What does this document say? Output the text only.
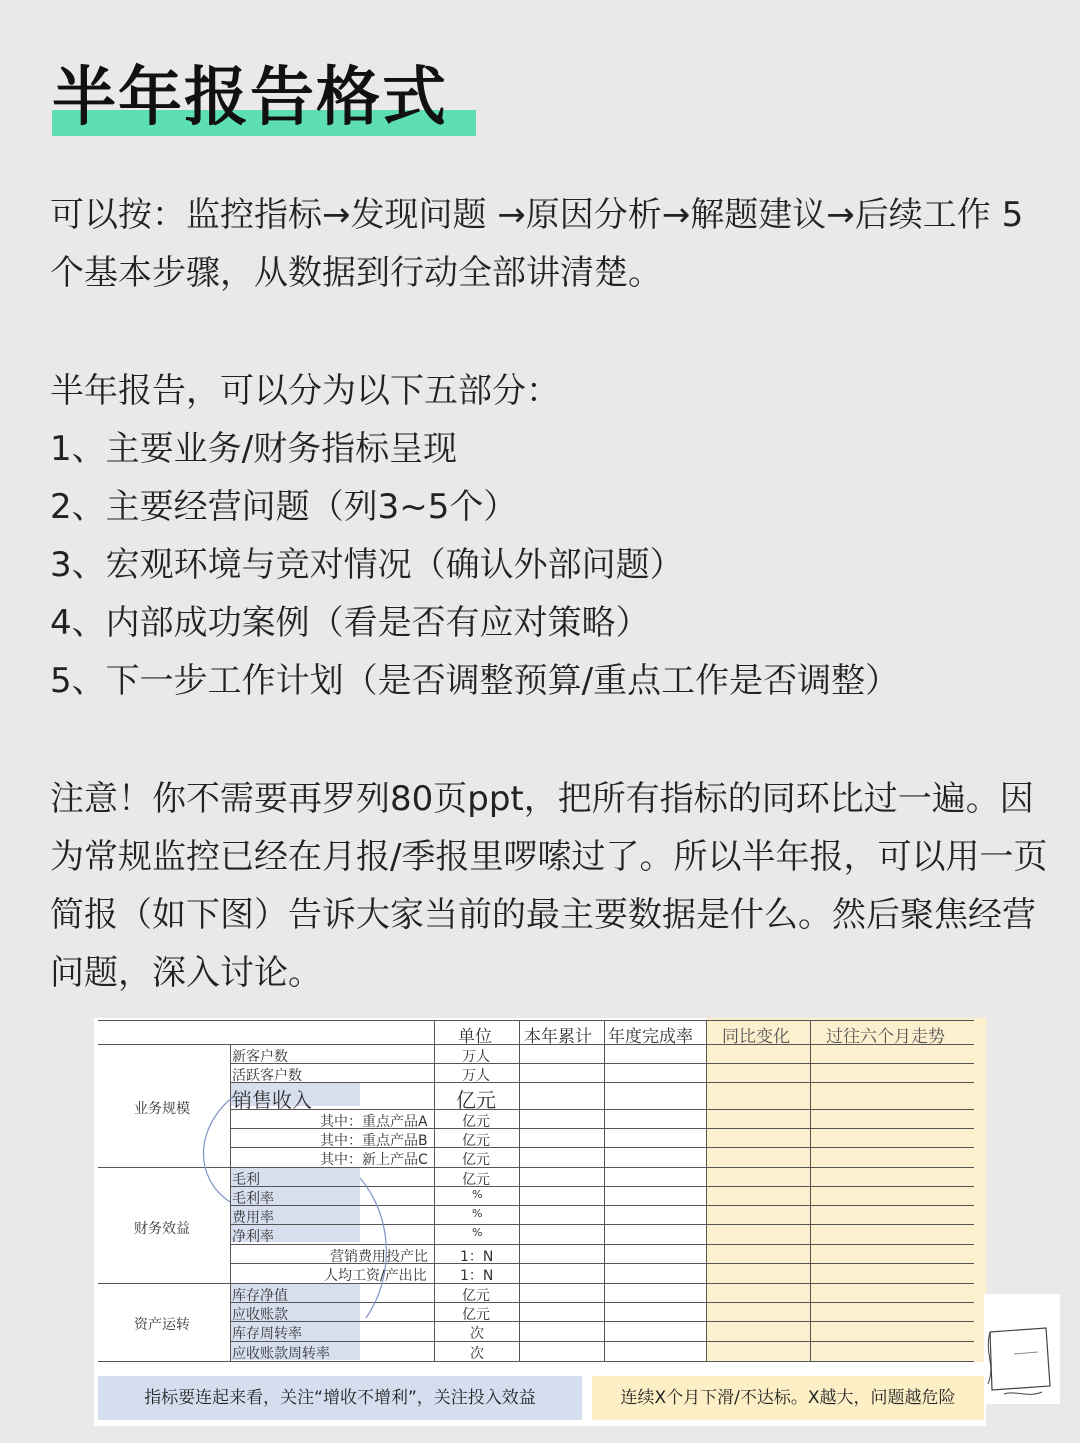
半年报告格式

可以按：监控指标→发现问题 →原因分析→解题建议→后续工作 5个基本步骤，从数据到行动全部讲清楚。

半年报告，可以分为以下五部分：
1、主要业务/财务指标呈现
2、主要经营问题（列3~5个）
3、宏观环境与竞对情况（确认外部问题）
4、内部成功案例（看是否有应对策略）
5、下一步工作计划（是否调整预算/重点工作是否调整）

注意！你不需要再罗列80页ppt，把所有指标的同环比过一遍。因为常规监控已经在月报/季报里啰嗦过了。所以半年报，可以用一页简报（如下图）告诉大家当前的最主要数据是什么。然后聚焦经营问题，深入讨论。

单位 本年累计 年度完成率 同比变化 过往六个月走势
业务规模
财务效益
资产运转
新客户数
活跃客户数
销售收入
其中：重点产品A
其中：重点产品B
其中：新上产品C
毛利
毛利率
费用率
净利率
营销费用投产比
人均工资/产出比
库存净值
应收账款
库存周转率
应收账款周转率
万人
万人
亿元
亿元
亿元
亿元
亿元
%
%
%
1：N
1：N
亿元
亿元
次
次
指标要连起来看，关注“增收不增利”，关注投入效益	连续X个月下滑/不达标。X越大，问题越危险
